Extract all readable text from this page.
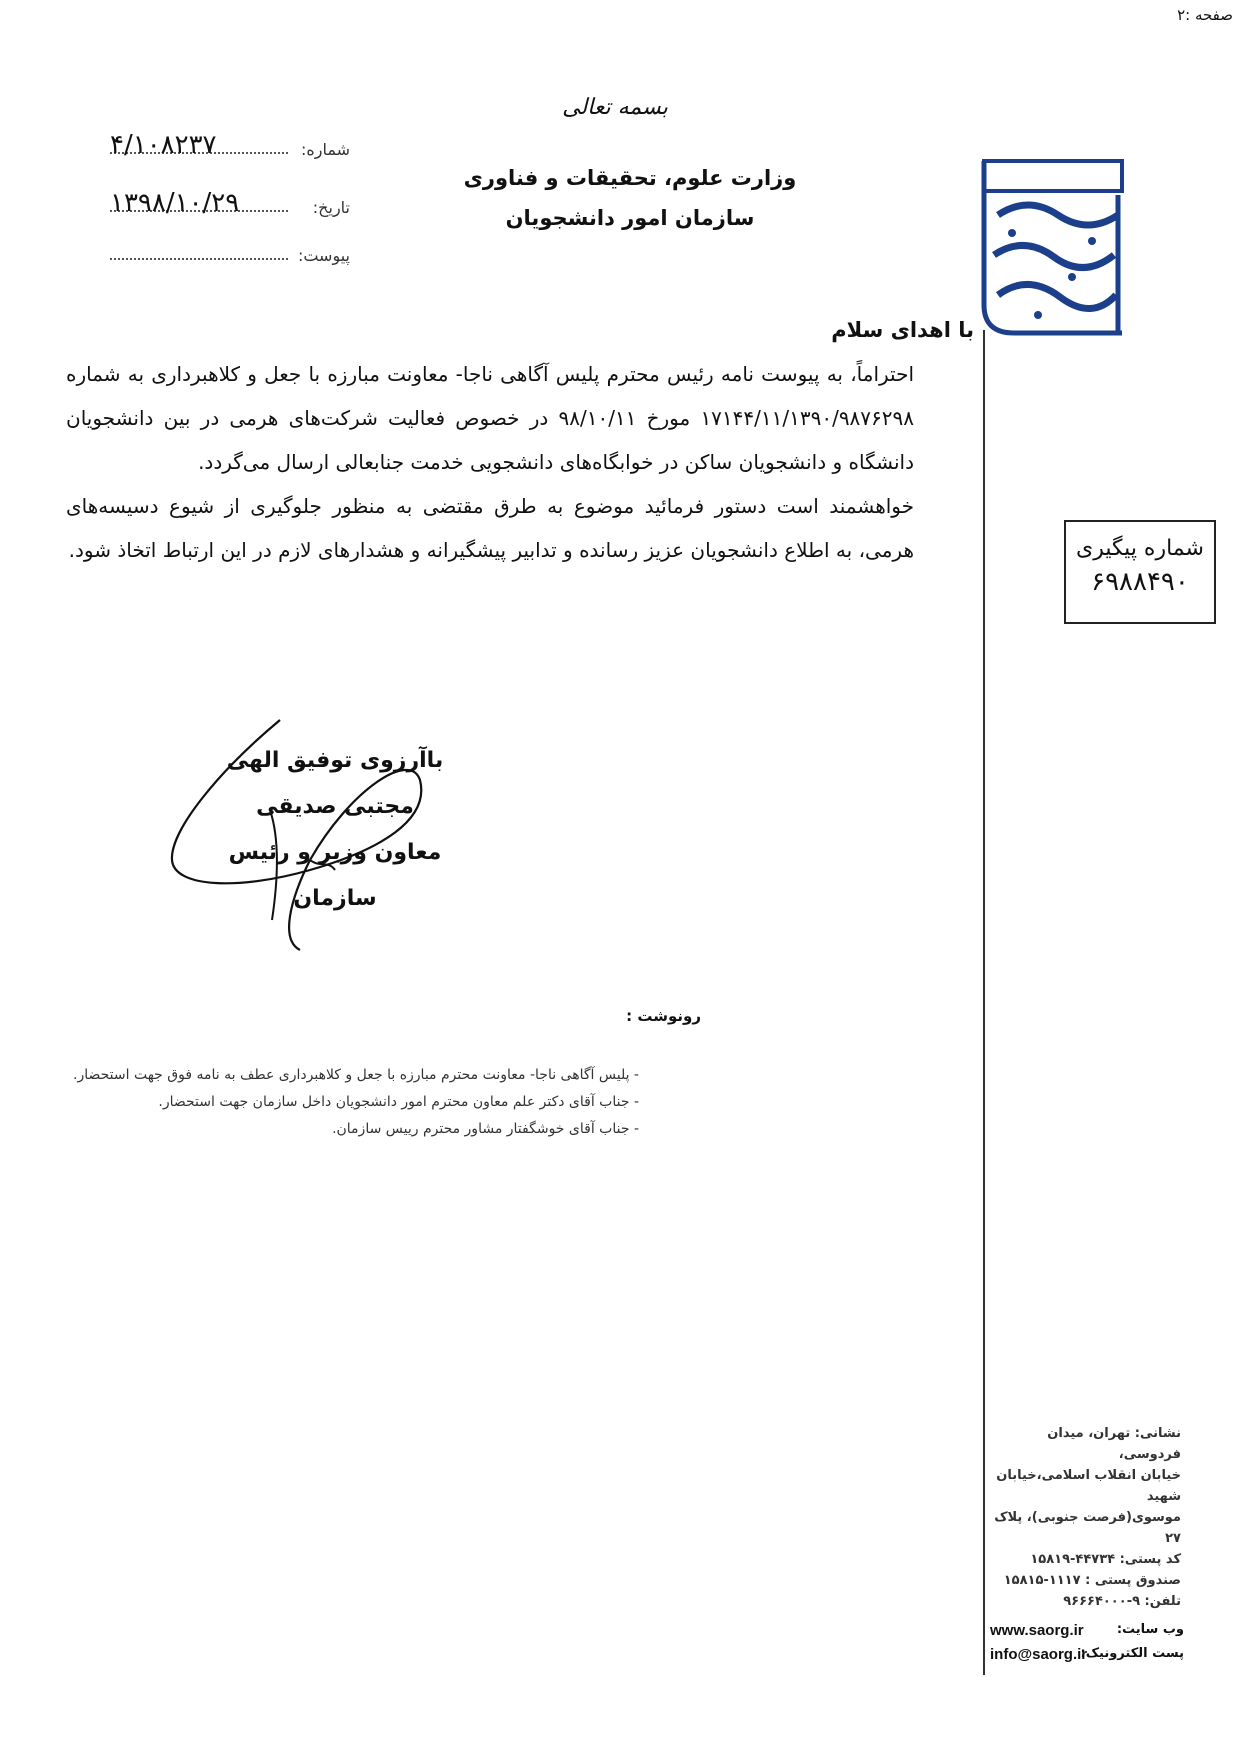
صفحه :۲
بسمه تعالی
وزارت علوم، تحقیقات و فناوری
سازمان امور دانشجویان
شماره:
۴/۱۰۸۲۳۷
تاریخ:
۱۳۹۸/۱۰/۲۹
پیوست:
با اهدای سلام

احتراماً، به پیوست نامه رئیس محترم پلیس آگاهی ناجا- معاونت مبارزه با جعل و کلاهبرداری به شماره ۱۷۱۴۴/۱۱/۱۳۹۰/۹۸۷۶۲۹۸ مورخ ۹۸/۱۰/۱۱ در خصوص فعالیت شرکت‌های هرمی در بین دانشجویان دانشگاه و دانشجویان ساکن در خوابگاه‌های دانشجویی خدمت جنابعالی ارسال می‌گردد.

خواهشمند است دستور فرمائید موضوع به طرق مقتضی به منظور جلوگیری از شیوع دسیسه‌های هرمی، به اطلاع دانشجویان عزیز رسانده و تدابیر پیشگیرانه و هشدارهای لازم در این ارتباط اتخاذ شود.	شماره پیگیری
۶۹۸۸۴۹۰
باآرزوی توفیق الهی
مجتبی صدیقی
معاون وزیر و رئیس سازمان
رونوشت :
- پلیس آگاهی ناجا- معاونت محترم مبارزه با جعل و کلاهبرداری عطف به نامه فوق جهت استحضار.
- جناب آقای دکتر علم معاون محترم امور دانشجویان داخل سازمان جهت استحضار.
- جناب آقای خوشگفتار مشاور محترم رییس سازمان.
نشانی: تهران، میدان فردوسی،
خیابان انقلاب اسلامی،خیابان شهید
موسوی(فرصت جنوبی)، پلاک ۲۷
کد پستی: ۴۴۷۳۴-۱۵۸۱۹
صندوق پستی : ۱۱۱۷-۱۵۸۱۵
تلفن: ۹-۹۶۶۶۴۰۰۰
وب سایت:
www.saorg.ir
پست الکترونیک:
info@saorg.ir
